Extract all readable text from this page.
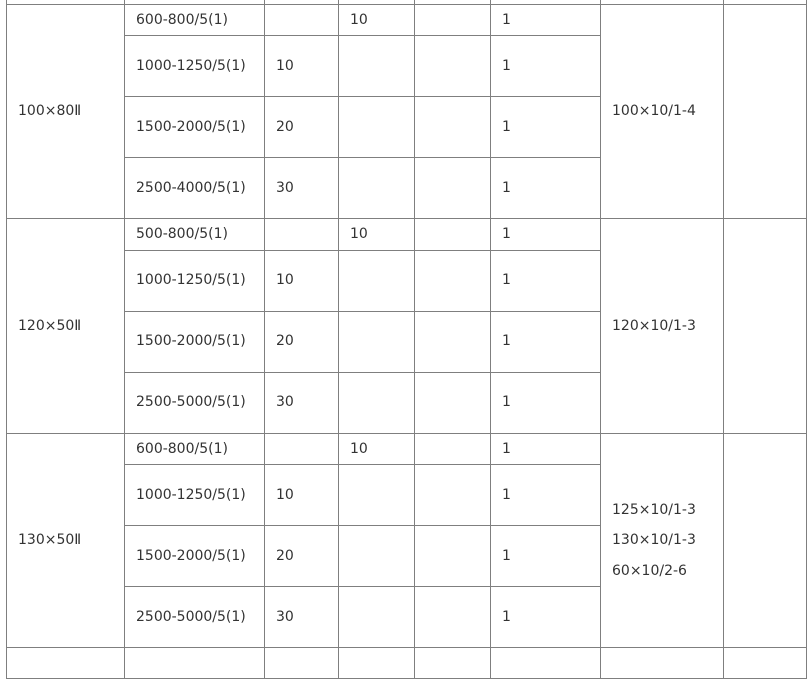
100×80Ⅱ	600-800/5(1)		10		1	100×10/1-4	
	1000-1250/5(1)	10			1		
	1500-2000/5(1)	20			1		
	2500-4000/5(1)	30			1		
120×50Ⅱ	500-800/5(1)		10		1	120×10/1-3	
	1000-1250/5(1)	10			1		
	1500-2000/5(1)	20			1		
	2500-5000/5(1)	30			1		
130×50Ⅱ	600-800/5(1)		10		1	125×10/1-3 130×10/1-3 60×10/2-6	
	1000-1250/5(1)	10			1		
	1500-2000/5(1)	20			1		
	2500-5000/5(1)	30			1		
